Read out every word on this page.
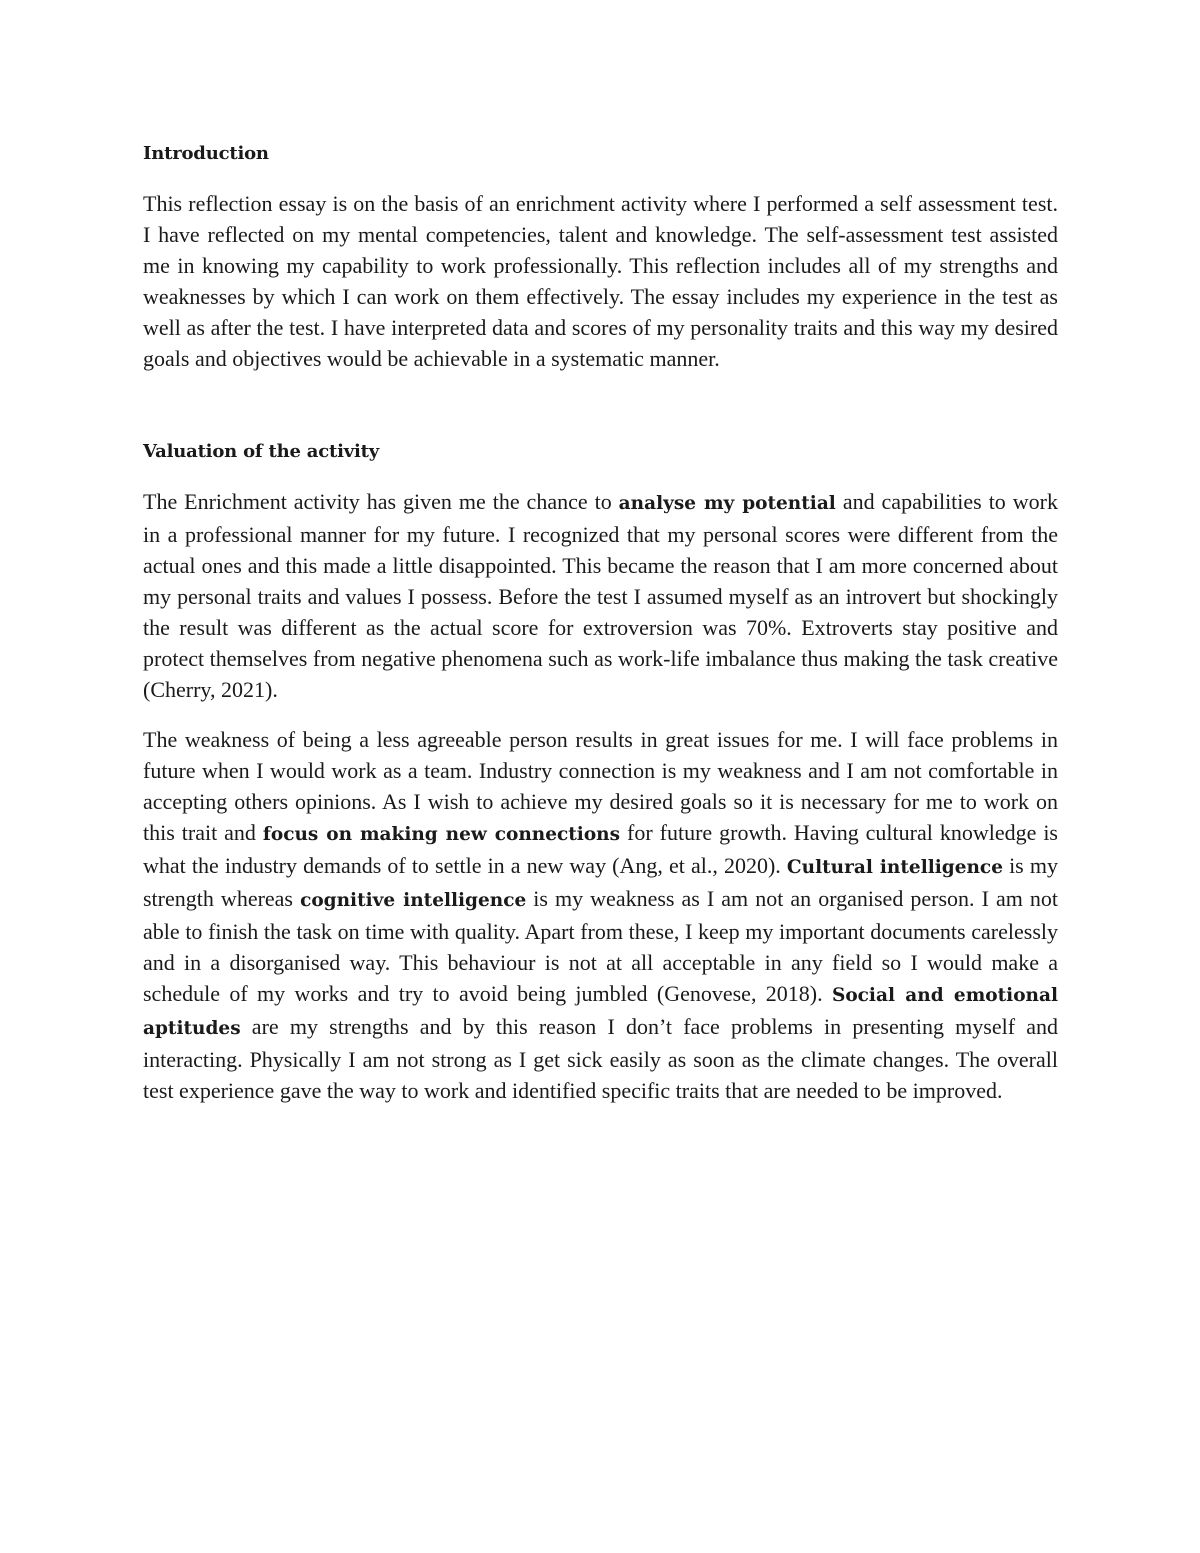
Introduction

This reflection essay is on the basis of an enrichment activity where I performed a self assessment test. I have reflected on my mental competencies, talent and knowledge. The self-assessment test assisted me in knowing my capability to work professionally. This reflection includes all of my strengths and weaknesses by which I can work on them effectively. The essay includes my experience in the test as well as after the test. I have interpreted data and scores of my personality traits and this way my desired goals and objectives would be achievable in a systematic manner.

Valuation of the activity

The Enrichment activity has given me the chance to analyse my potential and capabilities to work in a professional manner for my future. I recognized that my personal scores were different from the actual ones and this made a little disappointed. This became the reason that I am more concerned about my personal traits and values I possess. Before the test I assumed myself as an introvert but shockingly the result was different as the actual score for extroversion was 70%. Extroverts stay positive and protect themselves from negative phenomena such as work-life imbalance thus making the task creative (Cherry, 2021).

The weakness of being a less agreeable person results in great issues for me. I will face problems in future when I would work as a team. Industry connection is my weakness and I am not comfortable in accepting others opinions. As I wish to achieve my desired goals so it is necessary for me to work on this trait and focus on making new connections for future growth. Having cultural knowledge is what the industry demands of to settle in a new way (Ang, et al., 2020). Cultural intelligence is my strength whereas cognitive intelligence is my weakness as I am not an organised person. I am not able to finish the task on time with quality. Apart from these, I keep my important documents carelessly and in a disorganised way. This behaviour is not at all acceptable in any field so I would make a schedule of my works and try to avoid being jumbled (Genovese, 2018). Social and emotional aptitudes are my strengths and by this reason I don’t face problems in presenting myself and interacting. Physically I am not strong as I get sick easily as soon as the climate changes. The overall test experience gave the way to work and identified specific traits that are needed to be improved.
